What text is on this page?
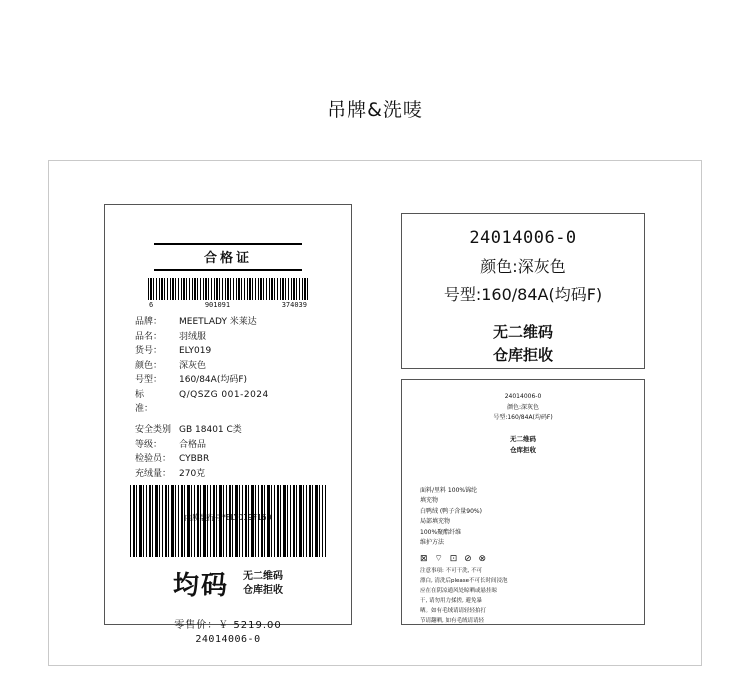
吊牌&洗唛
合格证
6	901091	374039
品牌：	MEETLADY 米莱达
品名：	羽绒服
货号：	ELY019
颜色：	深灰色
号型：	160/84A(均码F)
标	Q/QSZG 001-2024
准：
安全类别 GB 18401 C类
等级：	合格品
检验员： CYBBR
充绒量： 270克
内膜装行号*ELY019F160
均码 无二维码
仓库拒收
零售价：￥ 5219.00
24014006-0
24014006-0
颜色:深灰色
号型:160/84A(均码F)
无二维码
仓库拒收
24014006-0
颜色:深灰色
号型:160/84A(均码F)
无二维码
仓库拒收
面料/里料 100%锦纶
填充物
白鸭绒 (鸭子含量90%)
局部填充物
100%聚酯纤维
维护方法
⊠ ⌔ ⊡ ⊘ ⊗
注意事项: 不可干洗, 不可
漂白, 清洗后please不可长时间浸泡
应在在阴凉通风处晾晒或悬挂晾
干, 请勿用力揉搓, 避免暴
晒。如有毛绒请请轻轻拍打
节请翻晒, 如有毛绒请请轻
